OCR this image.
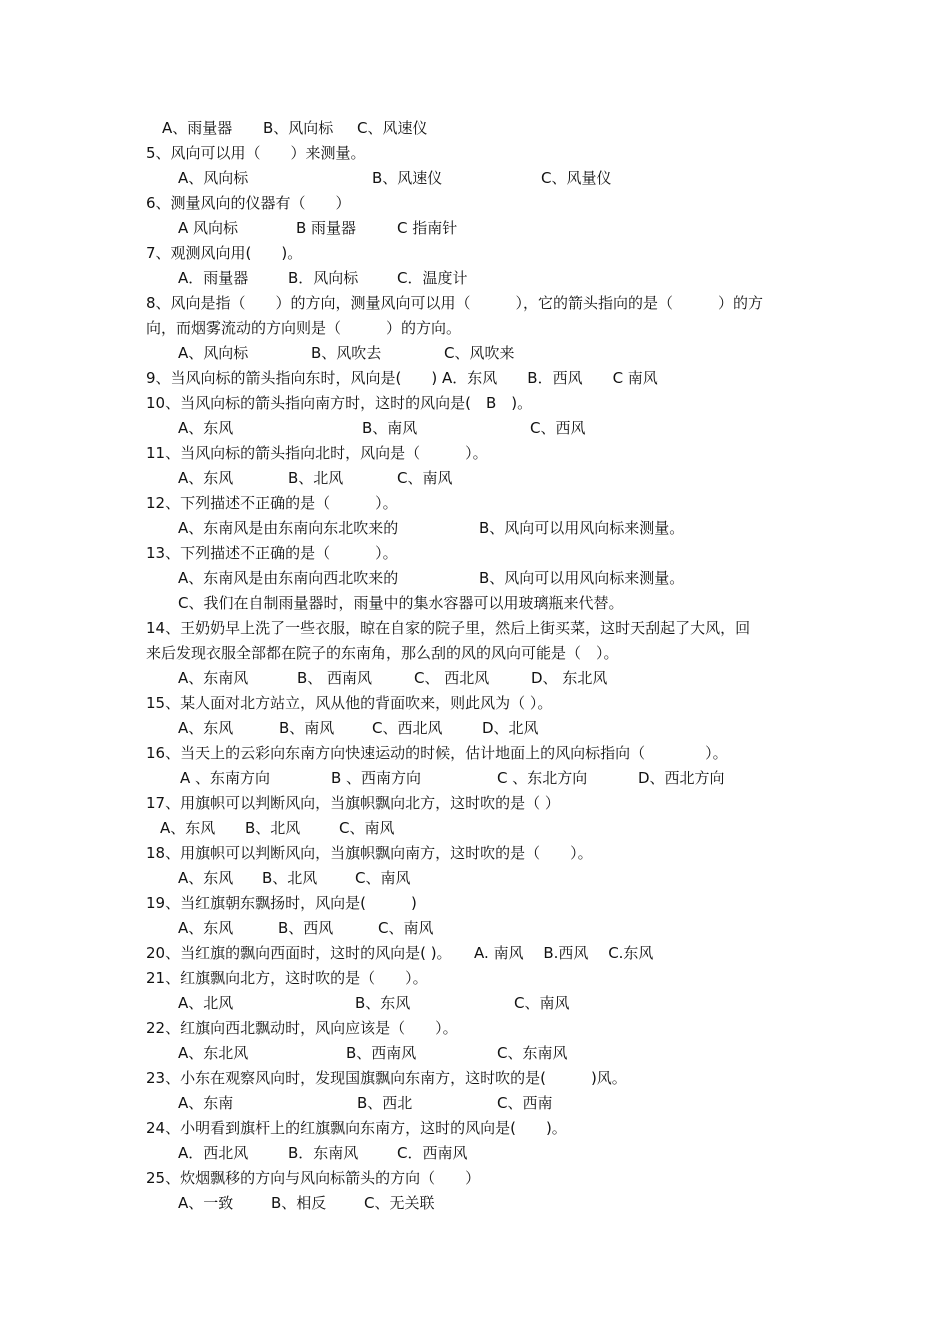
A、雨量器 B、风向标 C、风速仪
5、风向可以用（　　）来测量。
A、风向标	B、风速仪	C、风量仪
6、测量风向的仪器有（　　）
A 风向标	B 雨量器	C 指南针
7、观测风向用(　　)。
A．雨量器	B．风向标	C．温度计
8、风向是指（　　）的方向，测量风向可以用（　　　），它的箭头指向的是（　　　）的方
向，而烟雾流动的方向则是（　　　）的方向。
A、风向标	B、风吹去	C、风吹来
9、当风向标的箭头指向东时，风向是(　　) A．东风　　B．西风　　C 南风
10、当风向标的箭头指向南方时，这时的风向是(　B　)。
A、东风	B、南风	C、西风
11、当风向标的箭头指向北时，风向是（　　　）。
A、东风	B、北风	C、南风
12、下列描述不正确的是（　　　）。
A、东南风是由东南向东北吹来的	B、风向可以用风向标来测量。
13、下列描述不正确的是（　　　）。
A、东南风是由东南向西北吹来的	B、风向可以用风向标来测量。
C、我们在自制雨量器时，雨量中的集水容器可以用玻璃瓶来代替。
14、王奶奶早上洗了一些衣服，晾在自家的院子里，然后上街买菜，这时天刮起了大风，回
来后发现衣服全部都在院子的东南角，那么刮的风的风向可能是（　）。
A、东南风	B、 西南风	C、 西北风	D、 东北风
15、某人面对北方站立，风从他的背面吹来，则此风为（ ）。
A、东风	B、南风	C、西北风	D、北风
16、当天上的云彩向东南方向快速运动的时候，估计地面上的风向标指向（　　　　）。
A 、东南方向	B 、西南方向	C 、东北方向	D、西北方向
17、用旗帜可以判断风向，当旗帜飘向北方，这时吹的是（ ）
A、东风 B、北风	C、南风
18、用旗帜可以判断风向，当旗帜飘向南方，这时吹的是（　　）。
A、东风 B、北风	C、南风
19、当红旗朝东飘扬时，风向是(　　　)
A、东风	B、西风	C、南风
20、当红旗的飘向西面时，这时的风向是( )。　　A. 南风　 B.西风　 C.东风
21、红旗飘向北方，这时吹的是（　　）。
A、北风	B、东风	C、南风
22、红旗向西北飘动时，风向应该是（　　）。
A、东北风	B、西南风	C、东南风
23、小东在观察风向时，发现国旗飘向东南方，这时吹的是(　　　)风。
A、东南	B、西北	C、西南
24、小明看到旗杆上的红旗飘向东南方，这时的风向是(　　)。
A．西北风	B．东南风	C．西南风
25、炊烟飘移的方向与风向标箭头的方向（　　）
A、一致	B、相反	C、无关联
